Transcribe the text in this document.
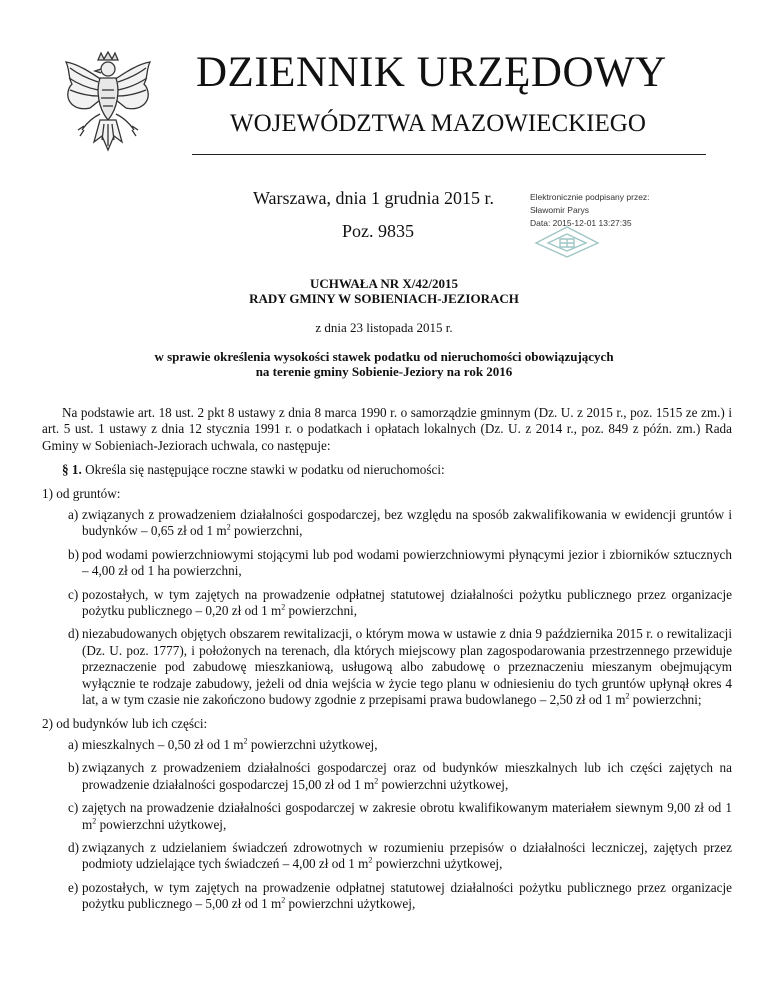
DZIENNIK URZĘDOWY
WOJEWÓDZTWA MAZOWIECKIEGO
Warszawa, dnia 1 grudnia 2015 r.
Poz. 9835
Elektronicznie podpisany przez:
Sławomir Parys
Data: 2015-12-01 13:27:35
UCHWAŁA NR X/42/2015
RADY GMINY W SOBIENIACH-JEZIORACH
z dnia 23 listopada 2015 r.
w sprawie określenia wysokości stawek podatku od nieruchomości obowiązujących
na terenie gminy Sobienie-Jeziory na rok 2016

Na podstawie art. 18 ust. 2 pkt 8 ustawy z dnia 8 marca 1990 r. o samorządzie gminnym (Dz. U. z 2015 r., poz. 1515 ze zm.) i art. 5 ust. 1 ustawy z dnia 12 stycznia 1991 r. o podatkach i opłatach lokalnych (Dz. U. z 2014 r., poz. 849 z późn. zm.) Rada Gminy w Sobieniach-Jeziorach uchwala, co następuje:

§ 1. Określa się następujące roczne stawki w podatku od nieruchomości:

1) od gruntów:

a) związanych z prowadzeniem działalności gospodarczej, bez względu na sposób zakwalifikowania w ewidencji gruntów i budynków – 0,65 zł od 1 $m^2$ powierzchni,

b) pod wodami powierzchniowymi stojącymi lub pod wodami powierzchniowymi płynącymi jezior i zbiorników sztucznych – 4,00 zł od 1 ha powierzchni,

c) pozostałych, w tym zajętych na prowadzenie odpłatnej statutowej działalności pożytku publicznego przez organizacje pożytku publicznego – 0,20 zł od 1 $m^2$ powierzchni,

d) niezabudowanych objętych obszarem rewitalizacji, o którym mowa w ustawie z dnia 9 października 2015 r. o rewitalizacji (Dz. U. poz. 1777), i położonych na terenach, dla których miejscowy plan zagospodarowania przestrzennego przewiduje przeznaczenie pod zabudowę mieszkaniową, usługową albo zabudowę o przeznaczeniu mieszanym obejmującym wyłącznie te rodzaje zabudowy, jeżeli od dnia wejścia w życie tego planu w odniesieniu do tych gruntów upłynął okres 4 lat, a w tym czasie nie zakończono budowy zgodnie z przepisami prawa budowlanego – 2,50 zł od 1 $m^2$ powierzchni;

2) od budynków lub ich części:

a) mieszkalnych – 0,50 zł od 1 $m^2$ powierzchni użytkowej,

b) związanych z prowadzeniem działalności gospodarczej oraz od budynków mieszkalnych lub ich części zajętych na prowadzenie działalności gospodarczej 15,00 zł od 1 $m^2$ powierzchni użytkowej,

c) zajętych na prowadzenie działalności gospodarczej w zakresie obrotu kwalifikowanym materiałem siewnym 9,00 zł od 1 $m^2$ powierzchni użytkowej,

d) związanych z udzielaniem świadczeń zdrowotnych w rozumieniu przepisów o działalności leczniczej, zajętych przez podmioty udzielające tych świadczeń – 4,00 zł od 1 $m^2$ powierzchni użytkowej,

e) pozostałych, w tym zajętych na prowadzenie odpłatnej statutowej działalności pożytku publicznego przez organizacje pożytku publicznego – 5,00 zł od 1 $m^2$ powierzchni użytkowej,
